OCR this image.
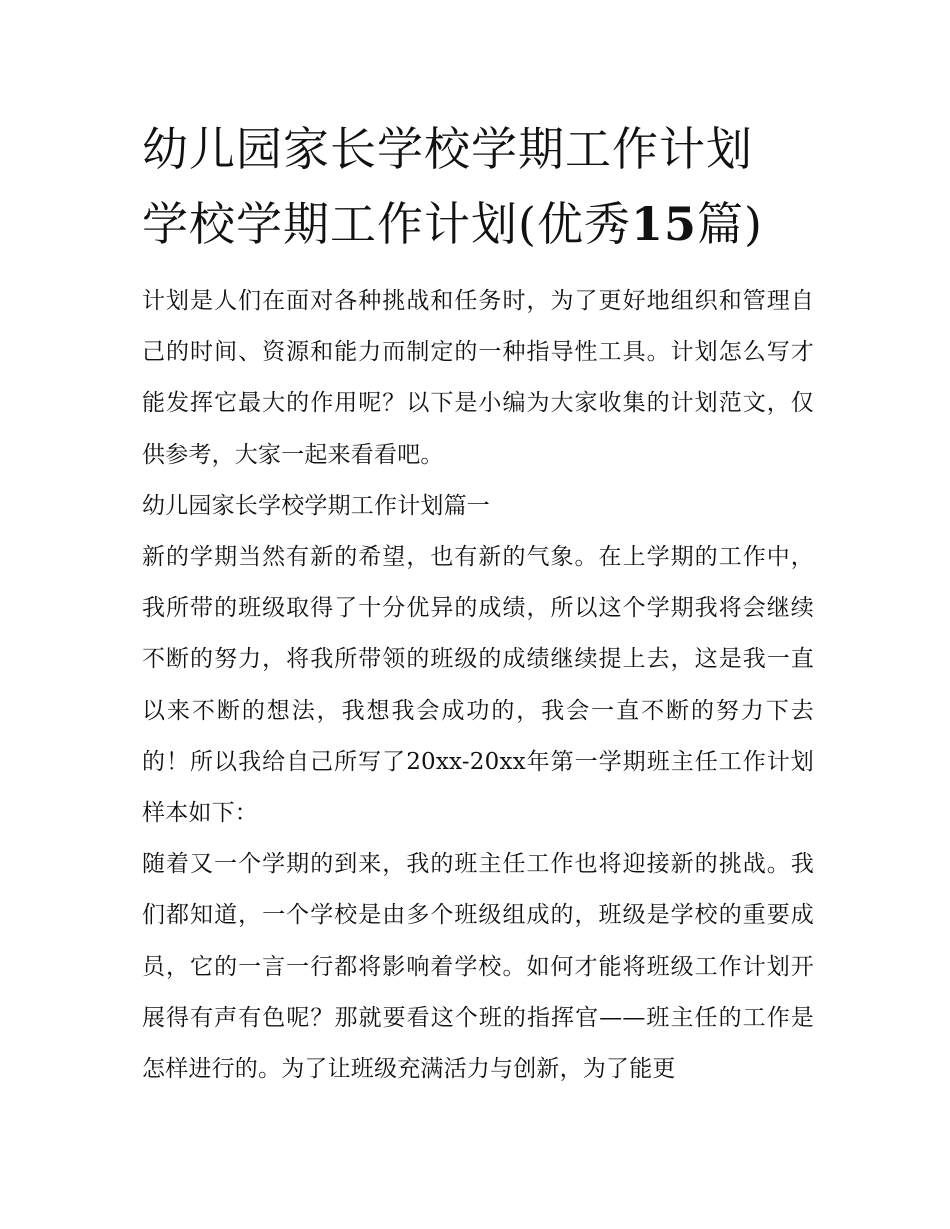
幼儿园家长学校学期工作计划
学校学期工作计划(优秀15篇)

计划是人们在面对各种挑战和任务时，为了更好地组织和管理自己的时间、资源和能力而制定的一种指导性工具。计划怎么写才能发挥它最大的作用呢？以下是小编为大家收集的计划范文，仅供参考，大家一起来看看吧。

幼儿园家长学校学期工作计划篇一

新的学期当然有新的希望，也有新的气象。在上学期的工作中，我所带的班级取得了十分优异的成绩，所以这个学期我将会继续不断的努力，将我所带领的班级的成绩继续提上去，这是我一直以来不断的想法，我想我会成功的，我会一直不断的努力下去的！所以我给自己所写了20xx-20xx年第一学期班主任工作计划样本如下：

随着又一个学期的到来，我的班主任工作也将迎接新的挑战。我们都知道，一个学校是由多个班级组成的，班级是学校的重要成员，它的一言一行都将影响着学校。如何才能将班级工作计划开展得有声有色呢？那就要看这个班的指挥官——班主任的工作是怎样进行的。为了让班级充满活力与创新，为了能更
